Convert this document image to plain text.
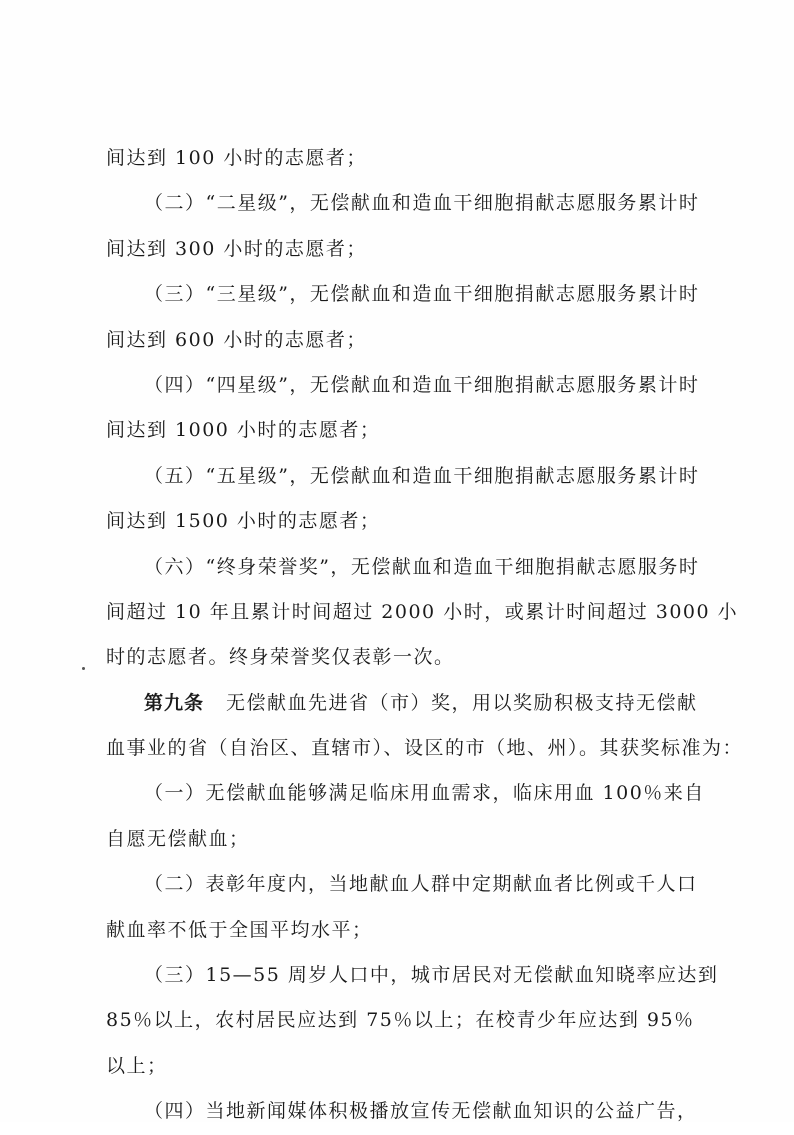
间达到 100 小时的志愿者；
（二）“二星级”，无偿献血和造血干细胞捐献志愿服务累计时
间达到 300 小时的志愿者；
（三）“三星级”，无偿献血和造血干细胞捐献志愿服务累计时
间达到 600 小时的志愿者；
（四）“四星级”，无偿献血和造血干细胞捐献志愿服务累计时
间达到 1000 小时的志愿者；
（五）“五星级”，无偿献血和造血干细胞捐献志愿服务累计时
间达到 1500 小时的志愿者；
（六）“终身荣誉奖”，无偿献血和造血干细胞捐献志愿服务时
间超过 10 年且累计时间超过 2000 小时，或累计时间超过 3000 小
时的志愿者。终身荣誉奖仅表彰一次。
第九条 无偿献血先进省（市）奖，用以奖励积极支持无偿献
血事业的省（自治区、直辖市）、设区的市（地、州）。其获奖标准为：
（一）无偿献血能够满足临床用血需求，临床用血 100％来自
自愿无偿献血；
（二）表彰年度内，当地献血人群中定期献血者比例或千人口
献血率不低于全国平均水平；
（三）15—55 周岁人口中，城市居民对无偿献血知晓率应达到
85％以上，农村居民应达到 75％以上；在校青少年应达到 95％
以上；
（四）当地新闻媒体积极播放宣传无偿献血知识的公益广告，
